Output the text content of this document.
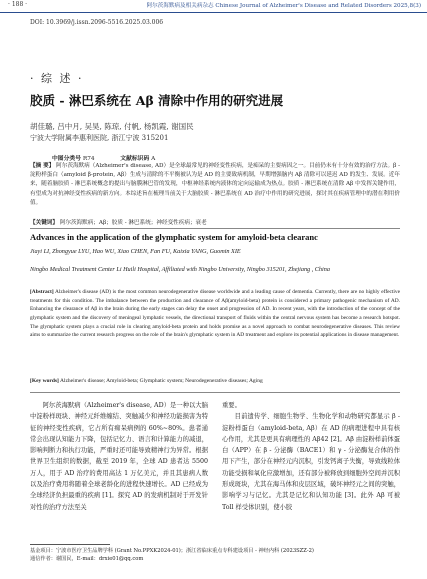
· 188 ·	阿尔茨海默病及相关病杂志 Chinese Journal of Alzheimer's Disease and Related Disorders 2025,8(3)
DOI: 10.3969/j.issn.2096-5516.2025.03.006
· 综 述 ·
胶质 - 淋巴系统在 Aβ 清除中作用的研究进展
胡佳璐, 吕中月, 吴昊, 陈琼, 付帆, 杨凯霞, 谢国民
宁波大学附属李惠利医院, 浙江宁波 315201
中图分类号 R74	文献标识码 A
【摘 要】 阿尔茨海默病（Alzheimer's disease, AD）是全球最常见的神经变性疾病，是痴呆的主要病因之一。目前仍未有十分有效的治疗方法。β - 淀粉样蛋白（amyloid β-protein, Aβ）生成与清除的不平衡被认为是 AD 的主要致病机制，早期增强脑内 Aβ 清除可以延迟 AD 的发生、发展。近年来，随着脑胶质 - 淋巴系统概念的提出与脑膜淋巴管的发现，中枢神经系统内液体的定向运输成为热点。胶质 - 淋巴系统在清除 Aβ 中发挥关键作用，有望成为对抗神经变性疾病的新方向。本综述旨在梳理当前关于大脑胶质 - 淋巴系统在 AD 治疗中作用的研究进展，探讨其在疾病管理中的潜在利用价值。
【关键词】 阿尔茨海默病；Aβ；胶质 - 淋巴系统；神经变性疾病；衰老
Advances in the application of the glymphatic system for amyloid-beta clearanc
Jiayi LI, Zhongyue LYU, Hao WU, Xiao CHEN, Fan FU, Kaixia YANG, Guomin XIE
Ningbo Medical Treatment Center Li Huili Hospital, Affiliated with Ningbo University, Ningbo 315201, Zhejiang , China
[Abstract] Alzheimer's disease (AD) is the most common neurodegenerative disease worldwide and a leading cause of dementia. Currently, there are no highly effective treatments for this condition. The imbalance between the production and clearance of Aβ(amyloid-beta) protein is considered a primary pathogenic mechanism of AD. Enhancing the clearance of Aβ in the brain during the early stages can delay the onset and progression of AD. In recent years, with the introduction of the concept of the glymphatic system and the discovery of meningeal lymphatic vessels, the directional transport of fluids within the central nervous system has become a research hotspot. The glymphatic system plays a crucial role in clearing amyloid-beta protein and holds promise as a novel approach to combat neurodegenerative diseases. This review aims to summarize the current research progress on the role of the brain's glymphatic system in AD treatment and explore its potential applications in disease management.
[Key words] Alzheimer's disease; Amyloid-beta; Glymphatic system; Neurodegenerative diseases; Aging

阿尔茨海默病（Alzheimer's disease, AD）是一种以大脑中淀粉样斑块、神经元纤维缠结、突触减少和神经功能损害为特征的神经变性疾病，它占所有痴呆病例的 60%~80%。患者通常会出现认知能力下降，包括记忆力、语言和计算能力的减退，影响判断力和执行功能，严重时还可能导致精神行为异常。根据世界卫生组织的数据，截至 2019 年，全球 AD 患者达 5500 万人，用于 AD 治疗的费用高达 1 万亿美元，并且其患病人数以及治疗费用将随着全球老龄化的进程快速增长。AD 已经成为全球经济负担最重的疾病 [1]。探究 AD 的发病机制对于开发针对性的治疗方法至关

重要。

目前遗传学、细胞生物学、生物化学和动物研究都显示 β - 淀粉样蛋白（amyloid-beta, Aβ）在 AD 的病理进程中具有核心作用，尤其是更具有病理性的 Aβ42 [2]。Aβ 由淀粉样前体蛋白（APP）在 β - 分泌酶（BACE1）和 γ - 分泌酶复合体的作用下产生，部分在神经元内沉积，引发钙离子失衡，导致线粒体功能受损和氧化应激增加，还有部分被释放到细胞外空间并沉积形成斑块，尤其在海马体和皮层区域，破坏神经元之间的突触，影响学习与记忆。尤其是记忆和认知功能 [3]。此外 Aβ 可被 Toll 样受体识别，使小胶

基金项目：宁波市医疗卫生品牌学科 (Grant No.PPXK2024-01)；浙江省临床重点专科建设项目 - 神经内科 (2023SZZ-2)
通信作者：谢国民，E-mail：drxie01@qq.com
